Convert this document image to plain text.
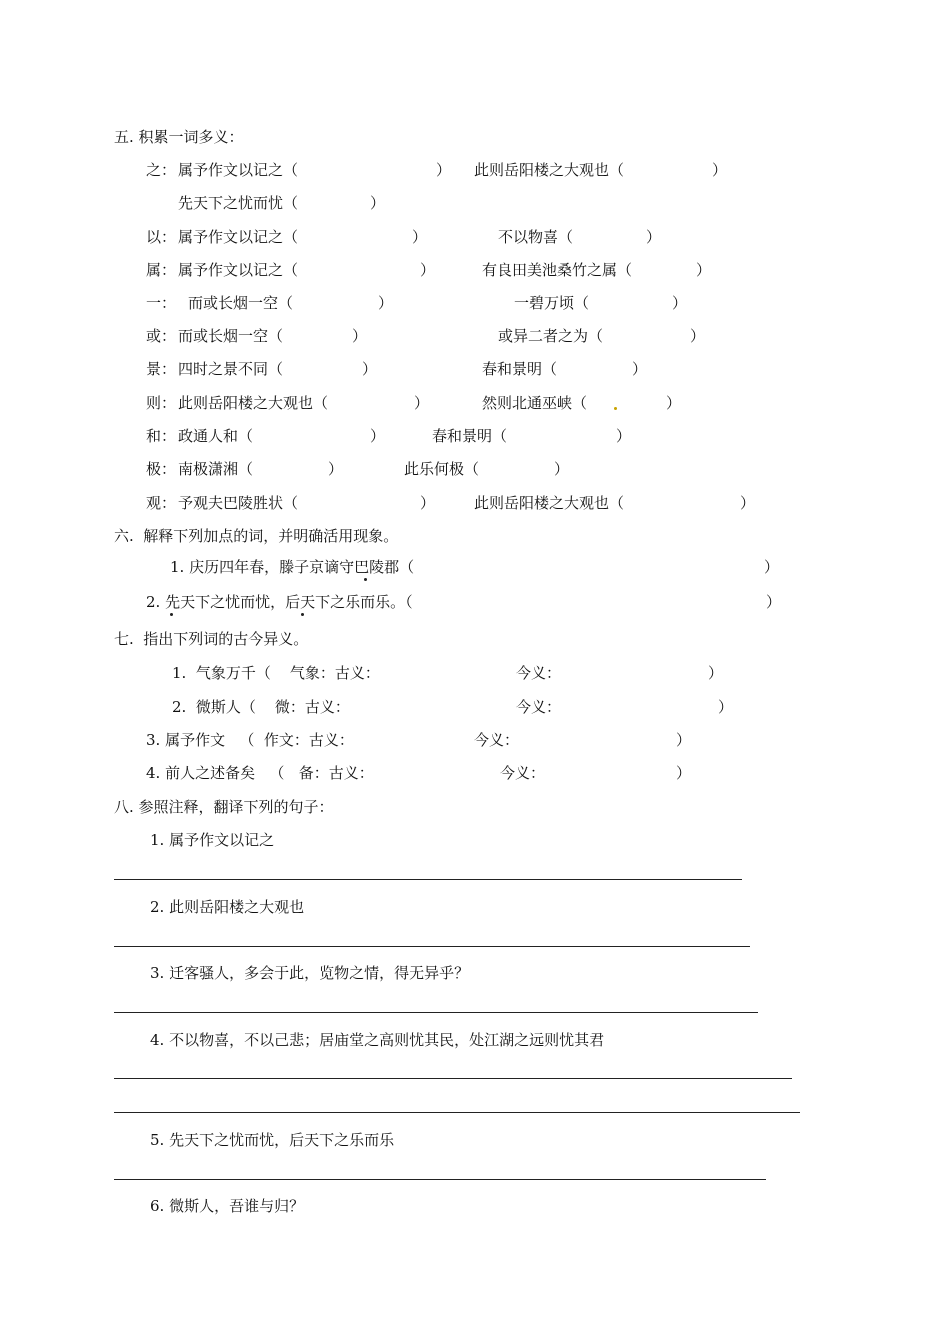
五. 积累一词多义：
之： 属予作文以记之（	） 此则岳阳楼之大观也（	）
先天下之忧而忧（	）
以： 属予作文以记之（	）	不以物喜（	）
属： 属予作文以记之（	）	有良田美池桑竹之属（	）
一： 而或长烟一空（	）	一碧万顷（	）
或： 而或长烟一空（	）	或异二者之为（	）
景： 四时之景不同（	）	春和景明（	）
则： 此则岳阳楼之大观也（	）	然则北通巫峡（	）
和： 政通人和（	）	春和景明（	）
极： 南极潇湘（	）	此乐何极（	）
观： 予观夫巴陵胜状（	）	此则岳阳楼之大观也（	）
六.  解释下列加点的词，并明确活用现象。
1. 庆历四年春，滕子京谪守巴陵郡（	）
2. 先天下之忧而忧，后天下之乐而乐。（	）
七.  指出下列词的古今异义。
1.  气象万千（    气象：古义：	今义：	）
2.  微斯人（    微：古义：	今义：	）
3. 属予作文   （  作文：古义：	今义：	）
4. 前人之述备矣   （   备：古义：	今义：	）
八. 参照注释，翻译下列的句子：
1. 属予作文以记之
2. 此则岳阳楼之大观也
3. 迁客骚人，多会于此，览物之情，得无异乎？
4. 不以物喜，不以己悲；居庙堂之高则忧其民，处江湖之远则忧其君
5. 先天下之忧而忧，后天下之乐而乐
6. 微斯人，吾谁与归？
